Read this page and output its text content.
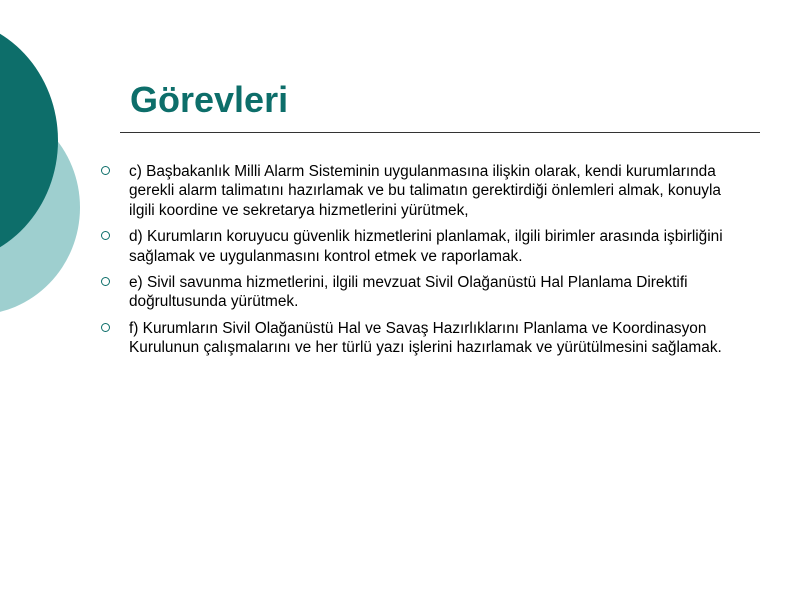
Görevleri
c) Başbakanlık Milli Alarm Sisteminin uygulanmasına ilişkin olarak, kendi kurumlarında gerekli alarm talimatını hazırlamak ve bu talimatın gerektirdiği önlemleri almak, konuyla ilgili koordine ve sekretarya hizmetlerini yürütmek,
d) Kurumların koruyucu güvenlik hizmetlerini planlamak, ilgili birimler arasında işbirliğini sağlamak ve uygulanmasını kontrol etmek ve raporlamak.
e) Sivil savunma hizmetlerini, ilgili mevzuat Sivil Olağanüstü Hal Planlama Direktifi doğrultusunda yürütmek.
f) Kurumların Sivil Olağanüstü Hal ve Savaş Hazırlıklarını Planlama ve Koordinasyon Kurulunun çalışmalarını ve her türlü yazı işlerini hazırlamak ve yürütülmesini sağlamak.
